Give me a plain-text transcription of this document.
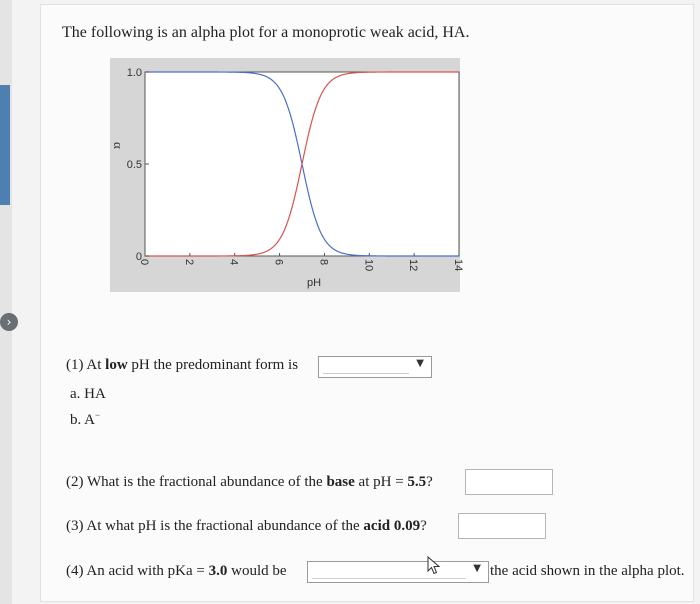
›
The following is an alpha plot for a monoprotic weak acid, HA.
0	2	4	6	8	10	12	14
0
0.5
1.0
pH
α
(1) At low pH the predominant form is	▼
a. HA
b. A−
(2) What is the fractional abundance of the base at pH = 5.5?
(3) At what pH is the fractional abundance of the acid 0.09?
(4) An acid with pKa = 3.0 would be	▼ the acid shown in the alpha plot.
